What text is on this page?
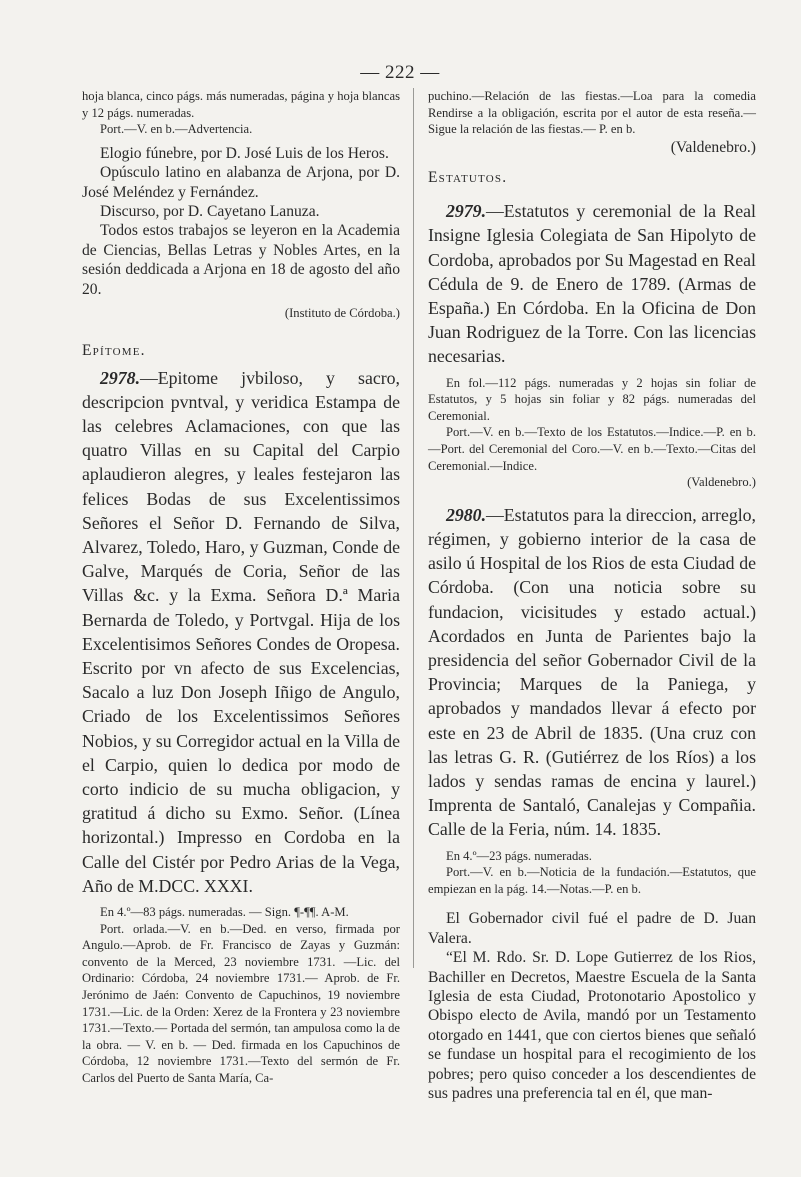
— 222 —

hoja blanca, cinco págs. más numeradas, página y hoja blancas y 12 págs. numeradas.

Port.—V. en b.—Advertencia.

Elogio fúnebre, por D. José Luis de los Heros.

Opúsculo latino en alabanza de Arjona, por D. José Meléndez y Fernández.

Discurso, por D. Cayetano Lanuza.

Todos estos trabajos se leyeron en la Academia de Ciencias, Bellas Letras y Nobles Artes, en la sesión deddicada a Arjona en 18 de agosto del año 20.

(Instituto de Córdoba.)

Epítome.

2978.—Epitome jvbiloso, y sacro, descripcion pvntval, y veridica Estampa de las celebres Aclamaciones, con que las quatro Villas en su Capital del Carpio aplaudieron alegres, y leales festejaron las felices Bodas de sus Excelentissimos Señores el Señor D. Fernando de Silva, Alvarez, Toledo, Haro, y Guzman, Conde de Galve, Marqués de Coria, Señor de las Villas &c. y la Exma. Señora D.ª Maria Bernarda de Toledo, y Portvgal. Hija de los Excelentisimos Señores Condes de Oropesa. Escrito por vn afecto de sus Excelencias, Sacalo a luz Don Joseph Iñigo de Angulo, Criado de los Excelentissimos Señores Nobios, y su Corregidor actual en la Villa de el Carpio, quien lo dedica por modo de corto indicio de su mucha obligacion, y gratitud á dicho su Exmo. Señor. (Línea horizontal.) Impresso en Cordoba en la Calle del Cistér por Pedro Arias de la Vega, Año de M.DCC. XXXI.

En 4.º—83 págs. numeradas. — Sign. ¶-¶¶. A-M.

Port. orlada.—V. en b.—Ded. en verso, firmada por Angulo.—Aprob. de Fr. Francisco de Zayas y Guzmán: convento de la Merced, 23 noviembre 1731. —Lic. del Ordinario: Córdoba, 24 noviembre 1731.— Aprob. de Fr. Jerónimo de Jaén: Convento de Capuchinos, 19 noviembre 1731.—Lic. de la Orden: Xerez de la Frontera y 23 noviembre 1731.—Texto.— Portada del sermón, tan ampulosa como la de la obra. — V. en b. — Ded. firmada en los Capuchinos de Córdoba, 12 noviembre 1731.—Texto del sermón de Fr. Carlos del Puerto de Santa María, Ca-

puchino.—Relación de las fiestas.—Loa para la comedia Rendirse a la obligación, escrita por el autor de esta reseña.—Sigue la relación de las fiestas.— P. en b.

(Valdenebro.)

Estatutos.

2979.—Estatutos y ceremonial de la Real Insigne Iglesia Colegiata de San Hipolyto de Cordoba, aprobados por Su Magestad en Real Cédula de 9. de Enero de 1789. (Armas de España.) En Córdoba. En la Oficina de Don Juan Rodriguez de la Torre. Con las licencias necesarias.

En fol.—112 págs. numeradas y 2 hojas sin foliar de Estatutos, y 5 hojas sin foliar y 82 págs. numeradas del Ceremonial.

Port.—V. en b.—Texto de los Estatutos.—Indice.—P. en b.—Port. del Ceremonial del Coro.—V. en b.—Texto.—Citas del Ceremonial.—Indice.

(Valdenebro.)

2980.—Estatutos para la direccion, arreglo, régimen, y gobierno interior de la casa de asilo ú Hospital de los Rios de esta Ciudad de Córdoba. (Con una noticia sobre su fundacion, vicisitudes y estado actual.) Acordados en Junta de Parientes bajo la presidencia del señor Gobernador Civil de la Provincia; Marques de la Paniega, y aprobados y mandados llevar á efecto por este en 23 de Abril de 1835. (Una cruz con las letras G. R. (Gutiérrez de los Ríos) a los lados y sendas ramas de encina y laurel.) Imprenta de Santaló, Canalejas y Compañia. Calle de la Feria, núm. 14. 1835.

En 4.º—23 págs. numeradas.

Port.—V. en b.—Noticia de la fundación.—Estatutos, que empiezan en la pág. 14.—Notas.—P. en b.

El Gobernador civil fué el padre de D. Juan Valera.

“El M. Rdo. Sr. D. Lope Gutierrez de los Rios, Bachiller en Decretos, Maestre Escuela de la Santa Iglesia de esta Ciudad, Protonotario Apostolico y Obispo electo de Avila, mandó por un Testamento otorgado en 1441, que con ciertos bienes que señaló se fundase un hospital para el recogimiento de los pobres; pero quiso conceder a los descendientes de sus padres una preferencia tal en él, que man-
